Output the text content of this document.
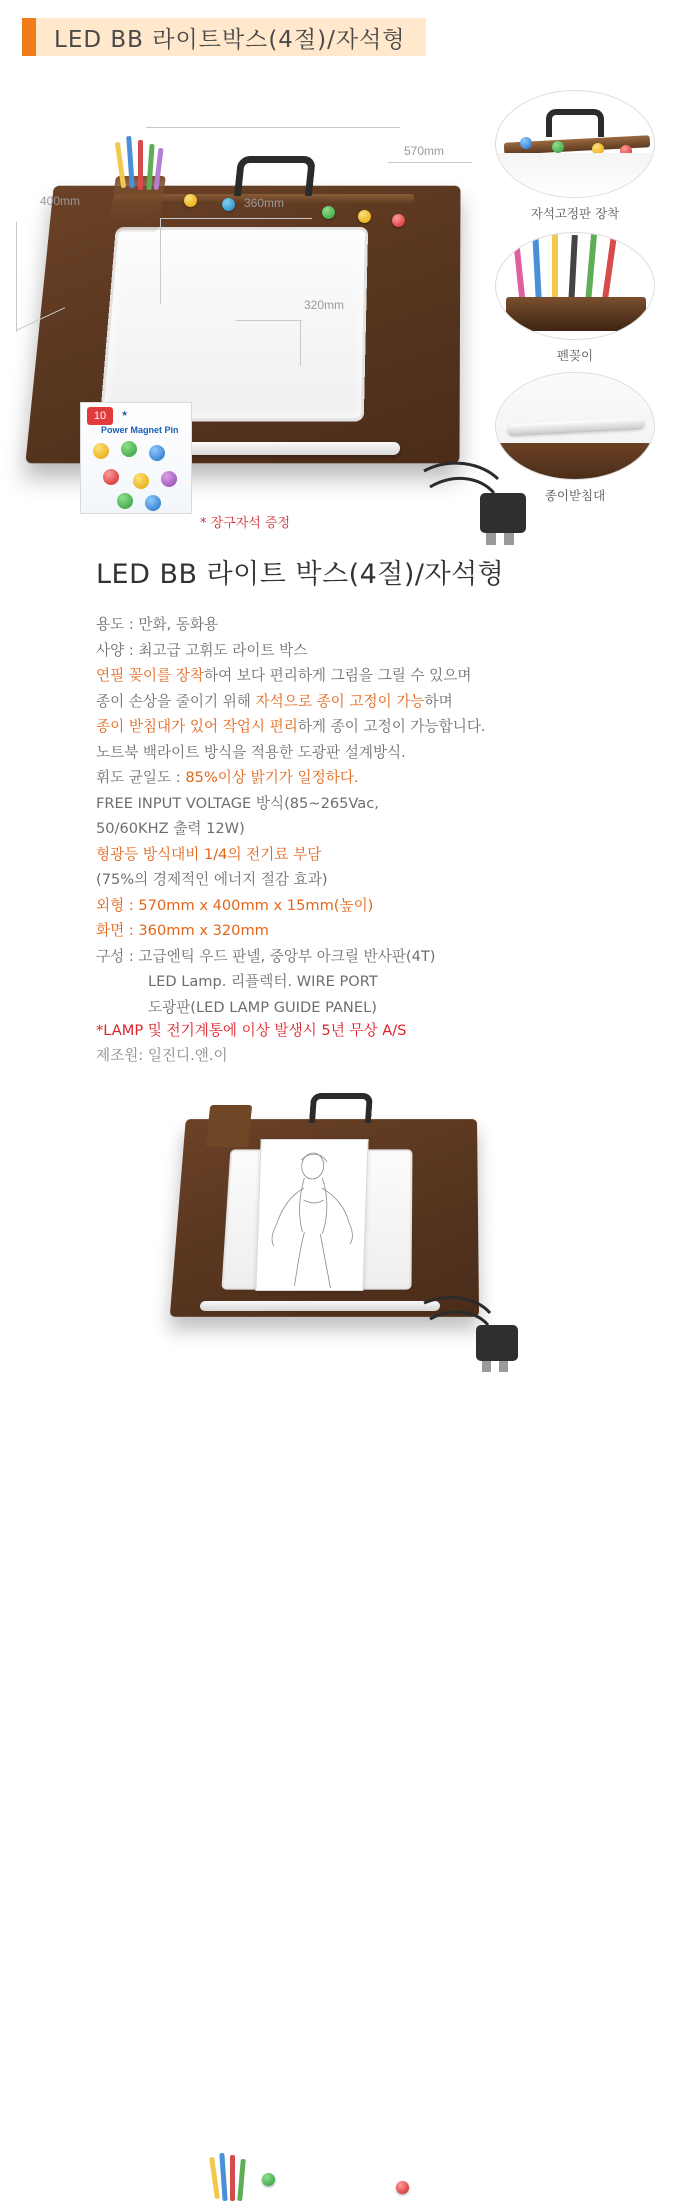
LED BB 라이트박스(4절)/자석형
570mm
400mm	360mm
320mm
자석고정판 장착
펜꽂이
종이받침대
10	★
Power Magnet Pin
* 장구자석 증정
LED BB 라이트 박스(4절)/자석형
용도 : 만화, 동화용
사양 : 최고급 고휘도 라이트 박스
연필 꽂이를 장착하여 보다 편리하게 그림을 그릴 수 있으며
종이 손상을 줄이기 위해 자석으로 종이 고정이 가능하며
종이 받침대가 있어 작업시 편리하게 종이 고정이 가능합니다.
노트북 백라이트 방식을 적용한 도광판 설계방식.
휘도 균일도 : 85%이상 밝기가 일정하다.
FREE INPUT VOLTAGE 방식(85~265Vac,
50/60KHZ 출력 12W)
형광등 방식대비 1/4의 전기료 부담
(75%의 경제적인 에너지 절감 효과)
외형 : 570mm x 400mm x 15mm(높이)
화면 : 360mm x 320mm
구성 : 고급엔틱 우드 판넬, 중앙부 아크릴 반사판(4T)
LED Lamp. 리플렉터. WIRE PORT
도광판(LED LAMP GUIDE PANEL)
*LAMP 및 전기계통에 이상 발생시 5년 무상 A/S
제조원: 일진디.앤.이
